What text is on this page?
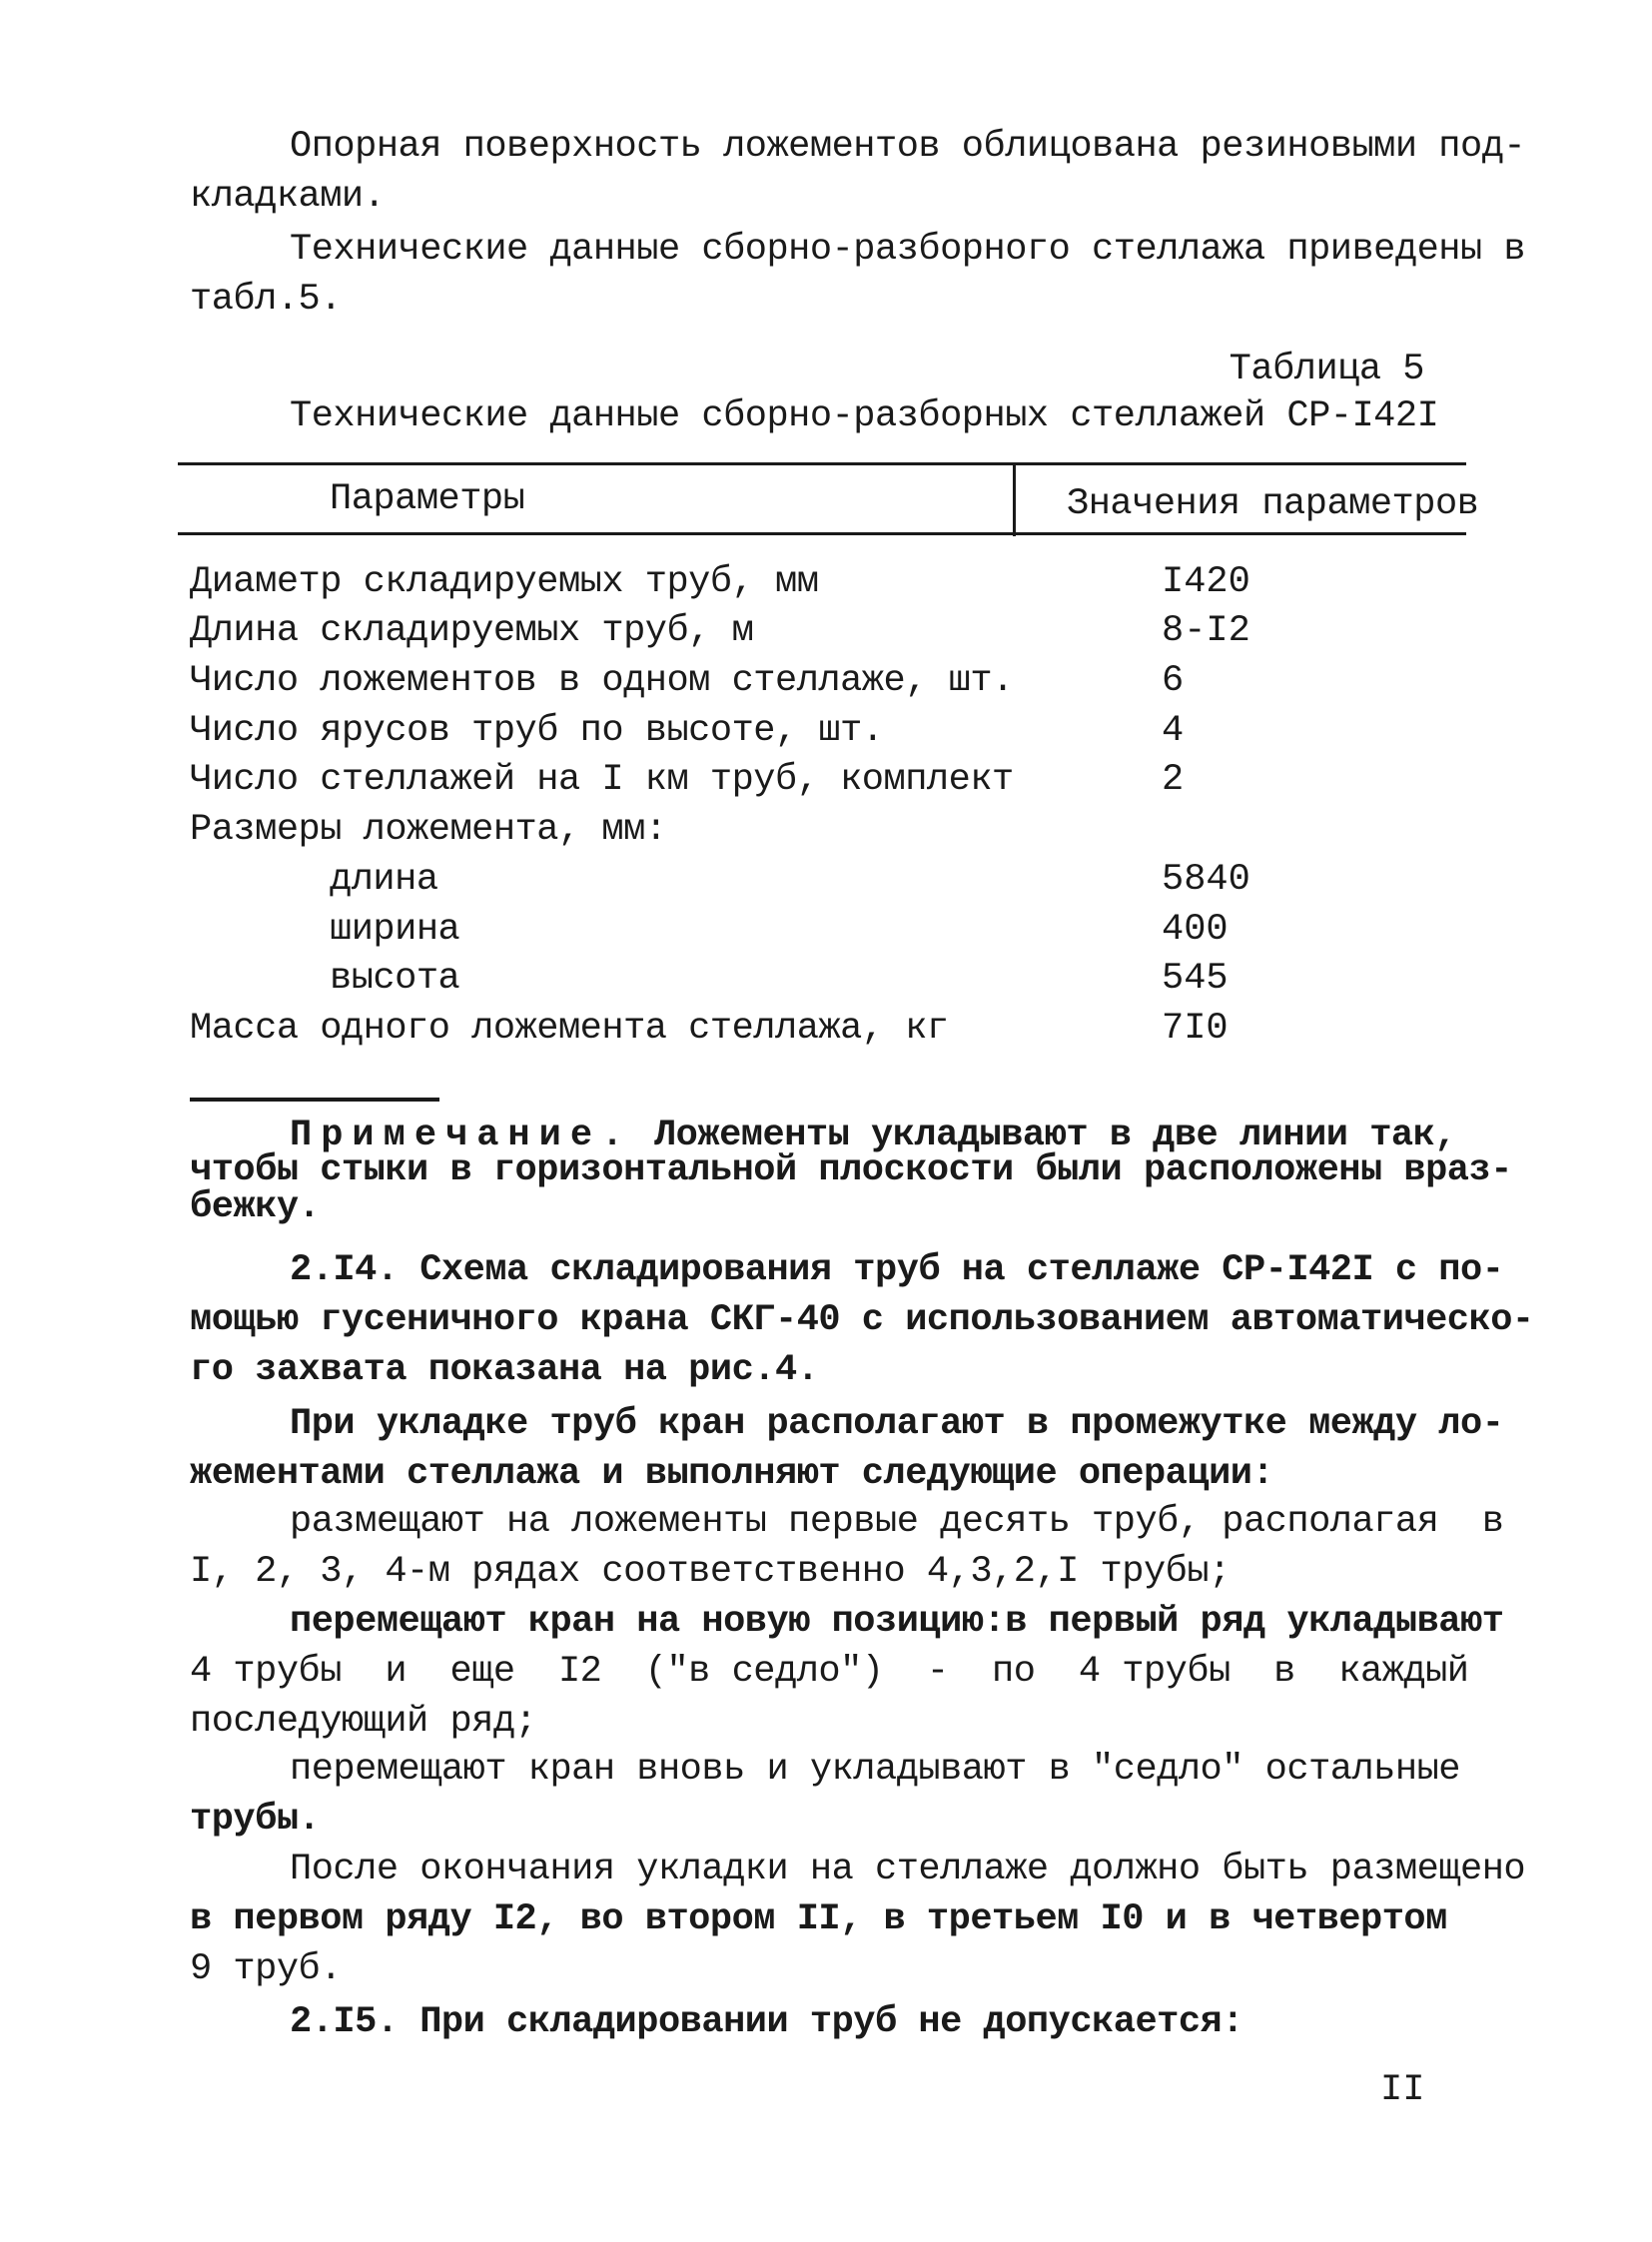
Опорная поверхность ложементов облицована резиновыми под-
кладками.
Технические данные сборно-разборного стеллажа приведены в
табл.5.
Таблица 5
Технические данные сборно-разборных стеллажей СР-I42I
Параметры	Значения параметров
Диаметр складируемых труб, мм	I420
Длина складируемых труб, м	8-I2
Число ложементов в одном стеллаже, шт.	6
Число ярусов труб по высоте, шт.	4
Число стеллажей на I км труб, комплект	2
Размеры ложемента, мм:
длина	5840
ширина	400
высота	545
Масса одного ложемента стеллажа, кг	7I0
Примечание. Ложементы укладывают в две линии так,
чтобы стыки в горизонтальной плоскости были расположены враз-
бежку.
2.I4. Схема складирования труб на стеллаже СР-I42I с по-
мощью гусеничного крана СКГ-40 с использованием автоматическо-
го захвата показана на рис.4.
При укладке труб кран располагают в промежутке между ло-
жементами стеллажа и выполняют следующие операции:
размещают на ложементы первые десять труб, располагая  в
I, 2, 3, 4-м рядах соответственно 4,3,2,I трубы;
перемещают кран на новую позицию:в первый ряд укладывают
4 трубы  и  еще  I2  ("в седло")  -  по  4 трубы  в  каждый
последующий ряд;
перемещают кран вновь и укладывают в "седло" остальные
трубы.
После окончания укладки на стеллаже должно быть размещено
в первом ряду I2, во втором II, в третьем I0 и в четвертом
9 труб.
2.I5. При складировании труб не допускается:
II
